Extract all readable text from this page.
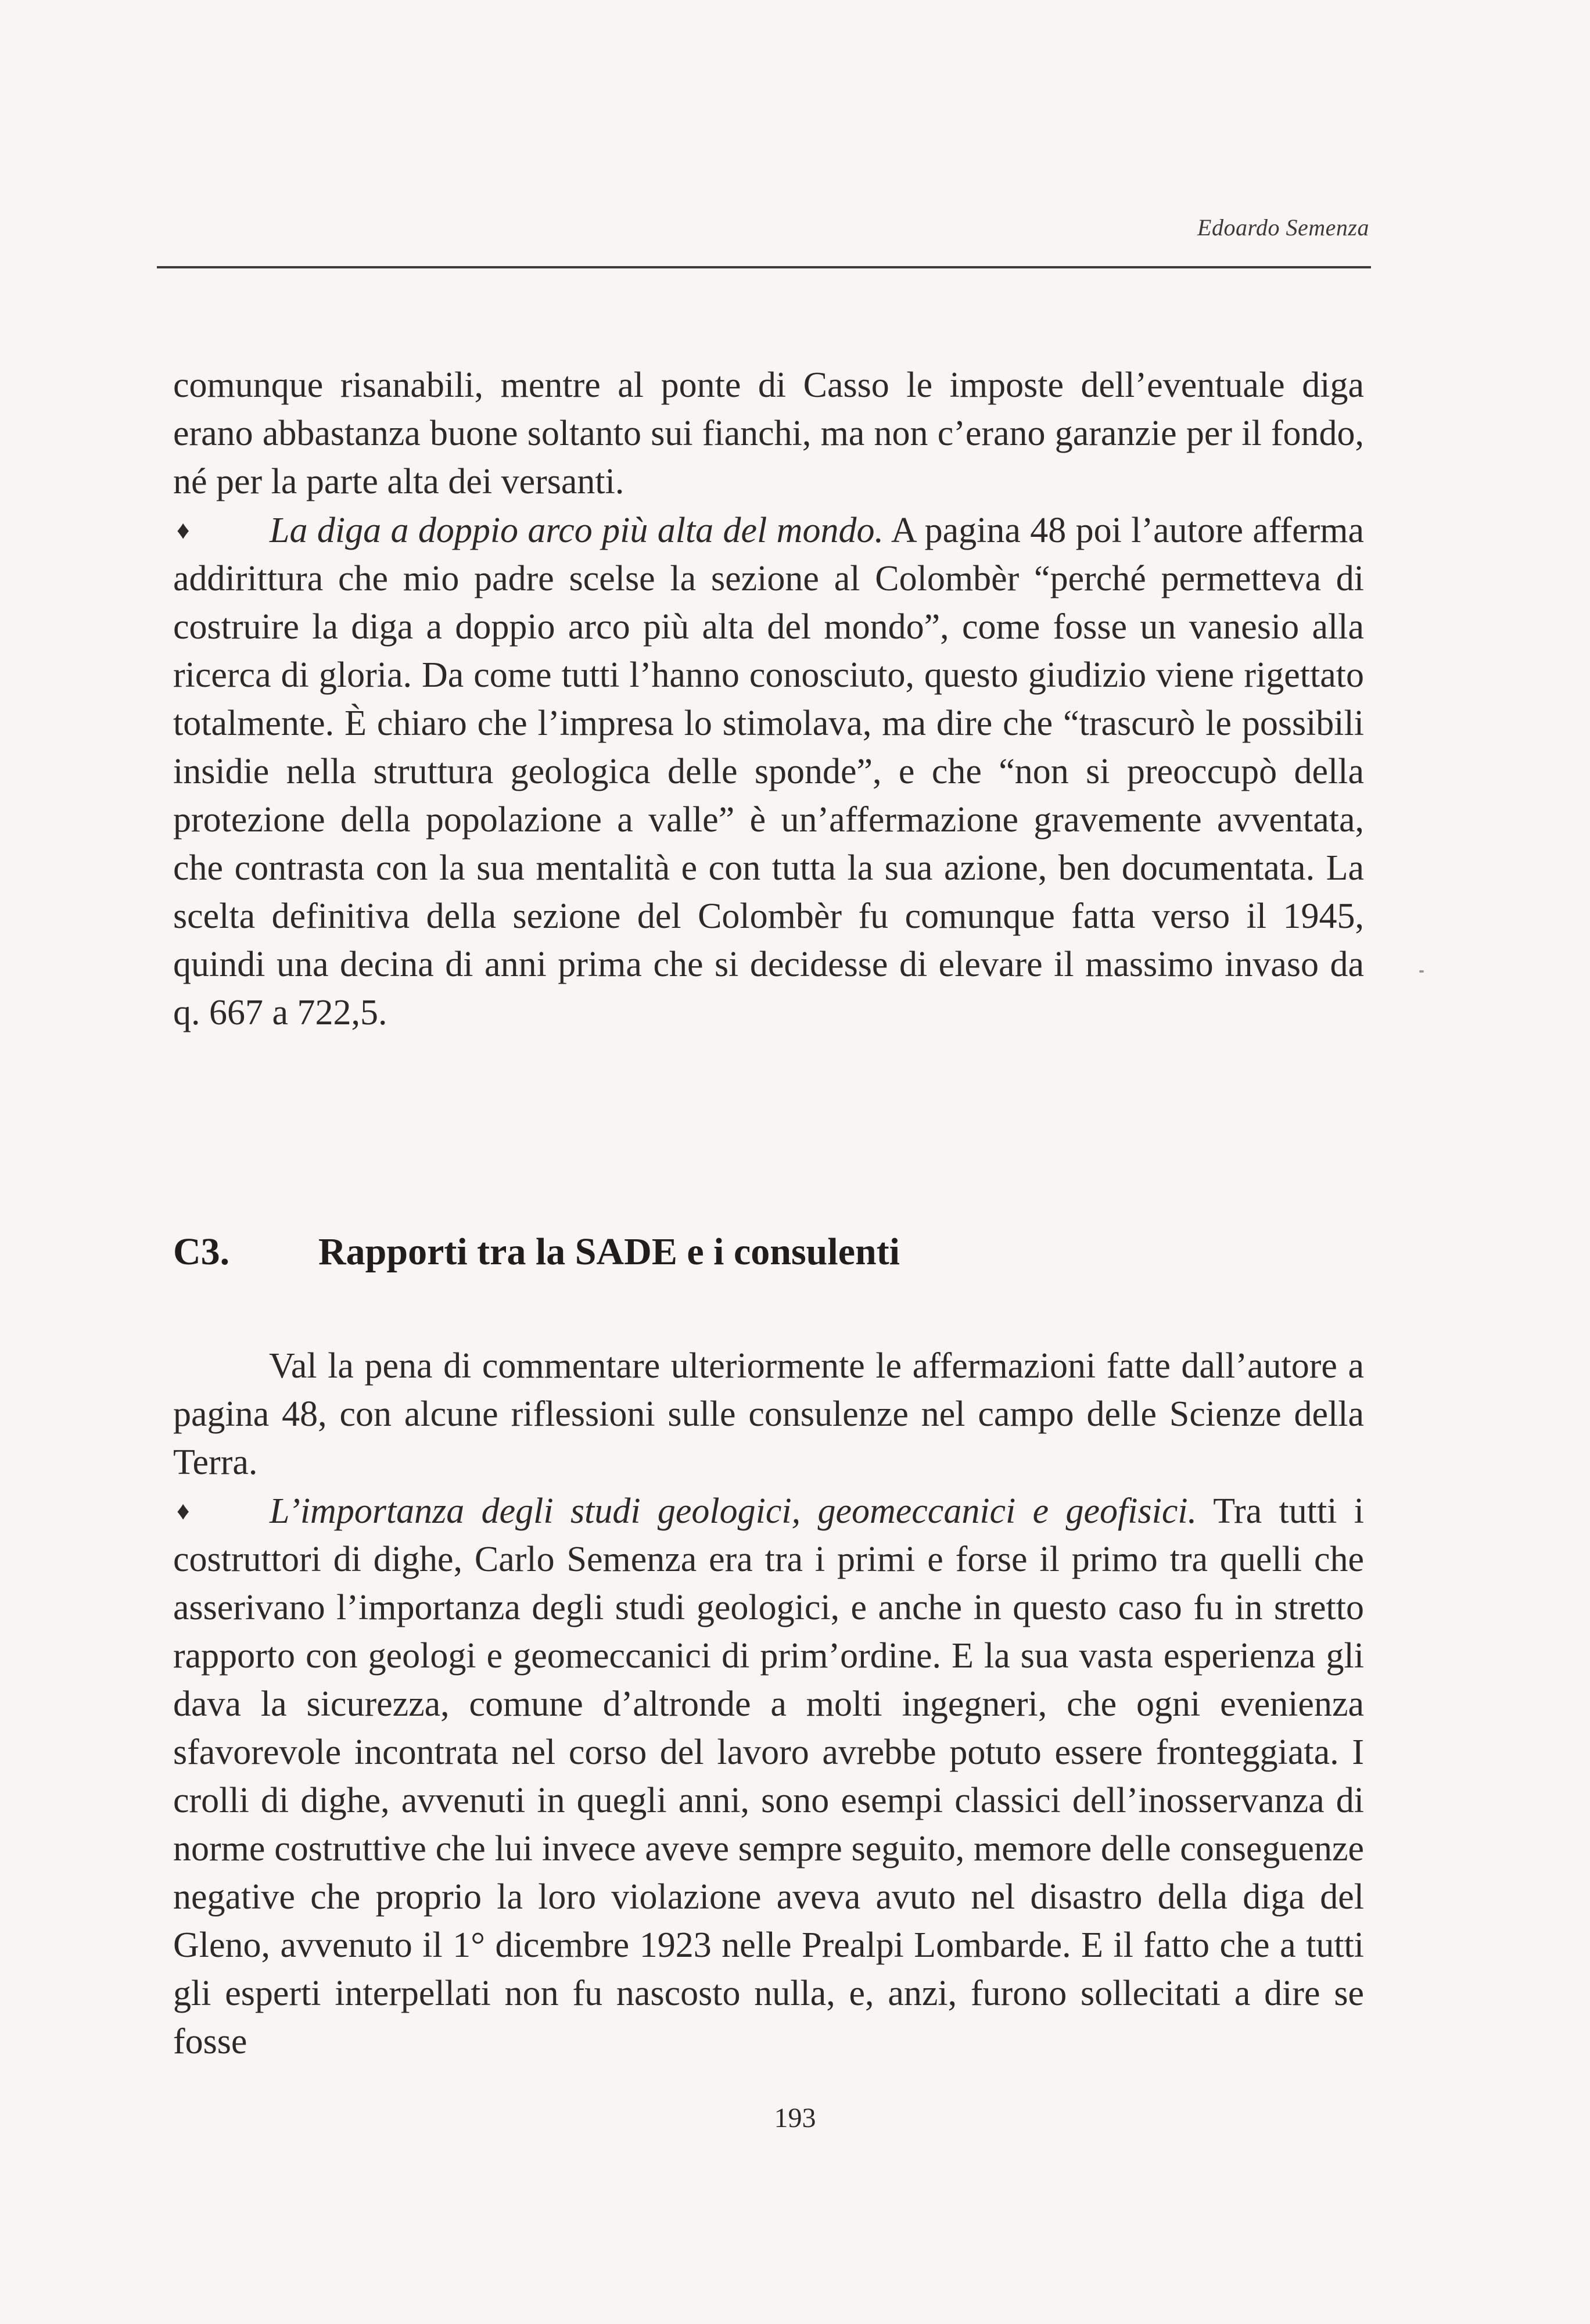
Edoardo Semenza

comunque risanabili, mentre al ponte di Casso le imposte dell’eventuale diga erano abbastanza buone soltanto sui fianchi, ma non c’erano garanzie per il fondo, né per la parte alta dei versanti.

♦ La diga a doppio arco più alta del mondo. A pagina 48 poi l’autore afferma addirittura che mio padre scelse la sezione al Colombèr “perché permetteva di costruire la diga a doppio arco più alta del mondo”, come fosse un vanesio alla ricerca di gloria. Da come tutti l’hanno conosciuto, questo giudizio viene rigettato totalmente. È chiaro che l’impresa lo stimolava, ma dire che “trascurò le possibili insidie nella struttura geologica delle sponde”, e che “non si preoccupò della protezione della popolazione a valle” è un’affermazione gravemente avventata, che contrasta con la sua mentalità e con tutta la sua azione, ben documentata. La scelta definitiva della sezione del Colombèr fu comunque fatta verso il 1945, quindi una decina di anni prima che si decidesse di elevare il massimo invaso da q. 667 a 722,5.

C3.	Rapporti tra la SADE e i consulenti

Val la pena di commentare ulteriormente le affermazioni fatte dall’autore a pagina 48, con alcune riflessioni sulle consulenze nel campo delle Scienze della Terra.

♦ L’importanza degli studi geologici, geomeccanici e geofisici. Tra tutti i costruttori di dighe, Carlo Semenza era tra i primi e forse il primo tra quelli che asserivano l’importanza degli studi geologici, e anche in questo caso fu in stretto rapporto con geologi e geomeccanici di prim’ordine. E la sua vasta esperienza gli dava la sicurezza, comune d’altronde a molti ingegneri, che ogni evenienza sfavorevole incontrata nel corso del lavoro avrebbe potuto essere fronteggiata. I crolli di dighe, avvenuti in quegli anni, sono esempi classici dell’inosservanza di norme costruttive che lui invece aveve sempre seguito, memore delle conseguenze negative che proprio la loro violazione aveva avuto nel disastro della diga del Gleno, avvenuto il 1° dicembre 1923 nelle Prealpi Lombarde. E il fatto che a tutti gli esperti interpellati non fu nascosto nulla, e, anzi, furono sollecitati a dire se fosse

193
